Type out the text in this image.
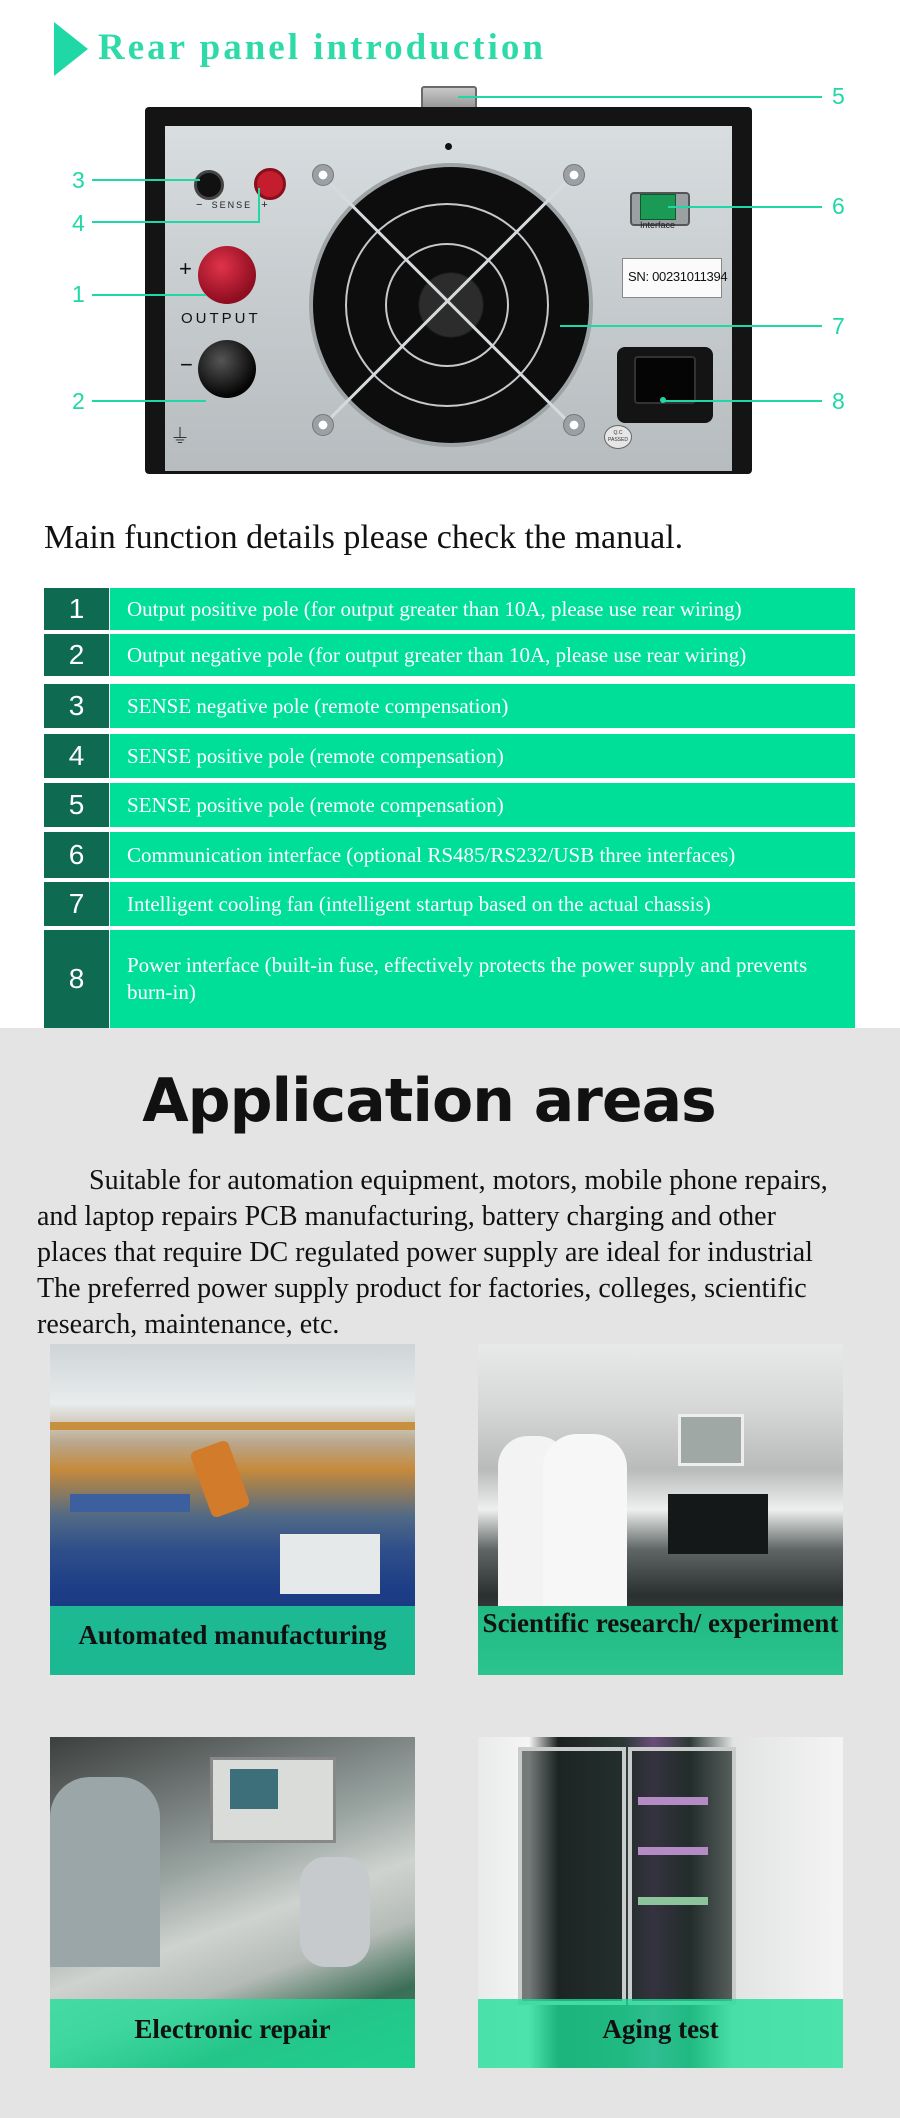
Rear panel introduction
− SENSE +
+
OUTPUT
−
⏚
Interface
SN: 00231011394
Q.C PASSED
3
4
1
2
5
6
7
8
Main function details please check the manual.
1	Output positive pole (for output greater than 10A, please use rear wiring)
2	Output negative pole (for output greater than 10A, please use rear wiring)
3	SENSE negative pole (remote compensation)
4	SENSE positive pole (remote compensation)
5	SENSE positive pole (remote compensation)
6	Communication interface (optional RS485/RS232/USB three interfaces)
7	Intelligent cooling fan (intelligent startup based on the actual chassis)
8	Power interface (built-in fuse, effectively protects the power supply and prevents burn-in)
Application areas
Suitable for automation equipment, motors, mobile phone repairs,
and laptop repairs PCB manufacturing, battery charging and other
places that require DC regulated power supply are ideal for industrial
The preferred power supply product for factories, colleges, scientific
research, maintenance, etc.
Automated manufacturing	Scientific research/ experiment
Electronic repair	Aging test
